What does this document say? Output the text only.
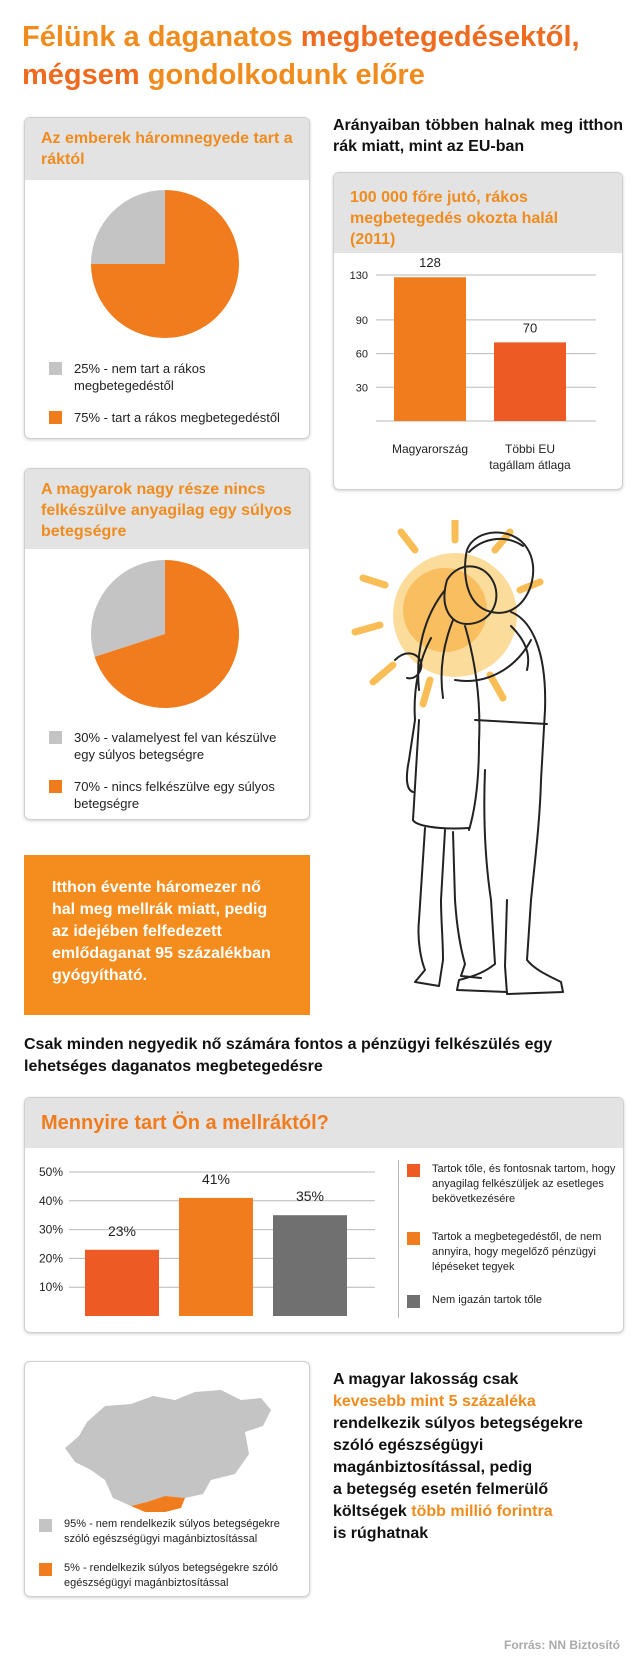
Félünk a daganatos megbetegedésektől,
mégsem gondolkodunk előre
Az emberek háromnegyede tart a ráktól
25% - nem tart a rákos megbetegedéstől
75% - tart a rákos megbetegedéstől
Arányaiban többen halnak meg itthon rák miatt, mint az EU-ban
100 000 főre jutó, rákos megbetegedés okozta halál (2011)
30
60
90
130
128
70
Magyarország	Többi EU
tagállam átlaga
A magyarok nagy része nincs felkészülve anyagilag egy súlyos betegségre
30% - valamelyest fel van készülve egy súlyos betegségre
70% - nincs felkészülve egy súlyos betegségre
Itthon évente háromezer nő hal meg mellrák miatt, pedig az idejében felfedezett emlődaganat 95 százalékban gyógyítható.
Csak minden negyedik nő számára fontos a pénzügyi felkészülés egy lehetséges daganatos megbetegedésre
Mennyire tart Ön a mellráktól?
10%
20%
30%
40%
50%
23%
41%
35%
Tartok tőle, és fontosnak tartom, hogy anyagilag felkészüljek az esetleges bekövetkezésére
Tartok a megbetegedéstől, de nem annyira, hogy megelőző pénzügyi lépéseket tegyek
Nem igazán tartok tőle
95% - nem rendelkezik súlyos betegségekre szóló egészségügyi magánbiztosítással
5% - rendelkezik súlyos betegségekre szóló egészségügyi magánbiztosítással
A magyar lakosság csak
kevesebb mint 5 százaléka
rendelkezik súlyos betegségekre
szóló egészségügyi
magánbiztosítással, pedig
a betegség esetén felmerülő
költségek több millió forintra
is rúghatnak
Forrás: NN Biztosító
